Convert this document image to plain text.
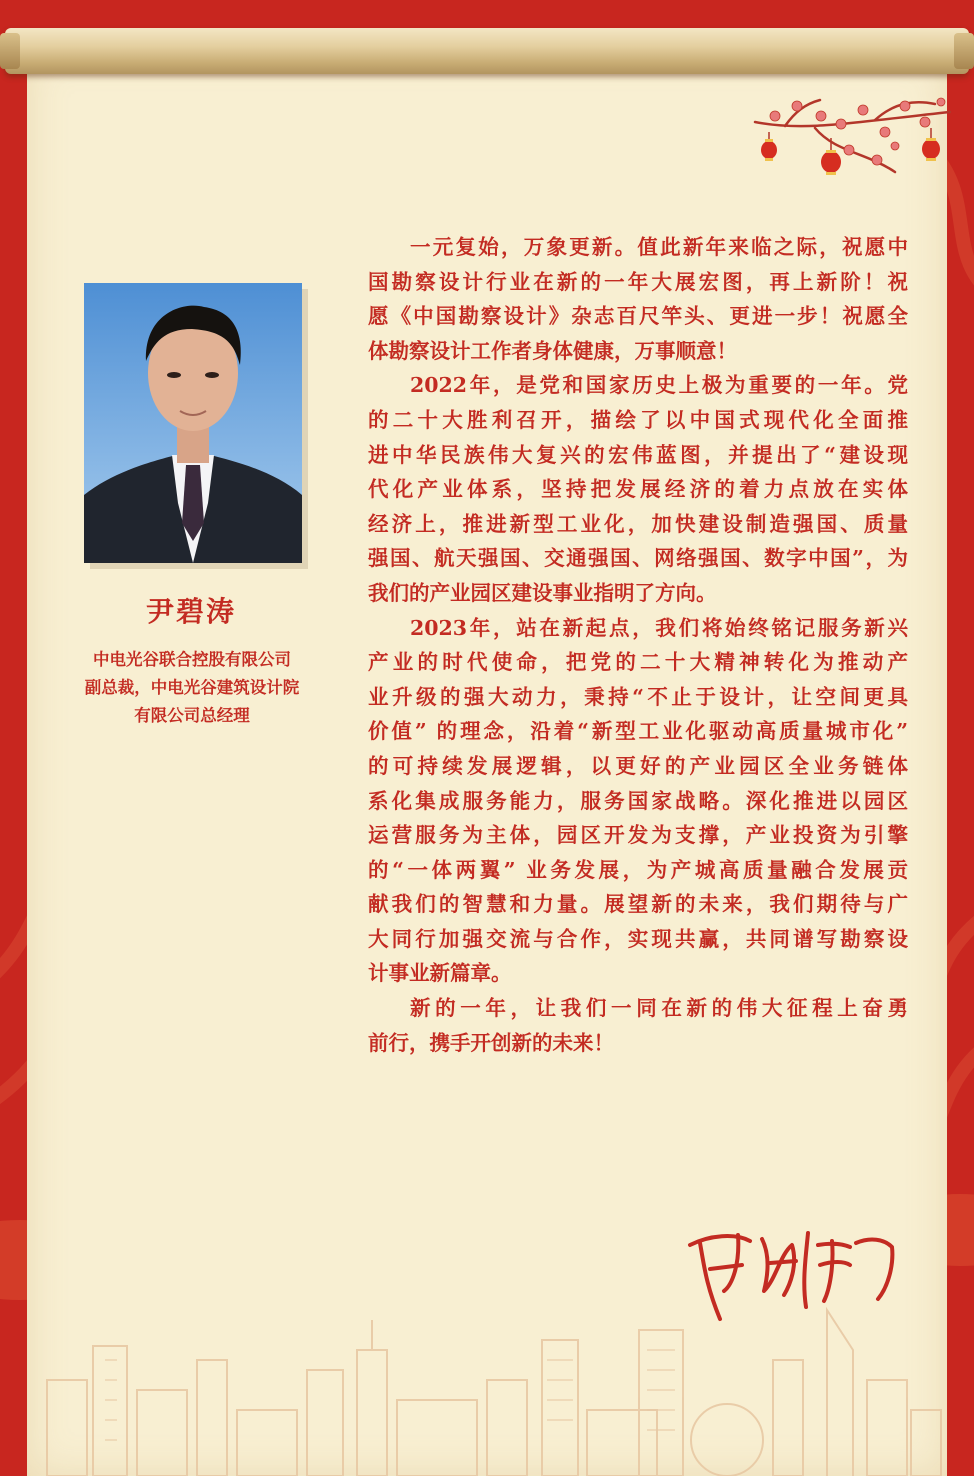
尹碧涛
中电光谷联合控股有限公司
副总裁，中电光谷建筑设计院
有限公司总经理
一元复始，万象更新。值此新年来临之际，祝愿中
国勘察设计行业在新的一年大展宏图，再上新阶！祝
愿《中国勘察设计》杂志百尺竿头、更进一步！祝愿全
体勘察设计工作者身体健康，万事顺意！
2022年，是党和国家历史上极为重要的一年。党
的二十大胜利召开，描绘了以中国式现代化全面推
进中华民族伟大复兴的宏伟蓝图，并提出了“建设现
代化产业体系，坚持把发展经济的着力点放在实体
经济上，推进新型工业化，加快建设制造强国、质量
强国、航天强国、交通强国、网络强国、数字中国”，为
我们的产业园区建设事业指明了方向。
2023年，站在新起点，我们将始终铭记服务新兴
产业的时代使命，把党的二十大精神转化为推动产
业升级的强大动力，秉持“不止于设计，让空间更具
价值” 的理念，沿着“新型工业化驱动高质量城市化”
的可持续发展逻辑，以更好的产业园区全业务链体
系化集成服务能力，服务国家战略。深化推进以园区
运营服务为主体，园区开发为支撑，产业投资为引擎
的“一体两翼” 业务发展，为产城高质量融合发展贡
献我们的智慧和力量。展望新的未来，我们期待与广
大同行加强交流与合作，实现共赢，共同谱写勘察设
计事业新篇章。
新的一年，让我们一同在新的伟大征程上奋勇
前行，携手开创新的未来！
